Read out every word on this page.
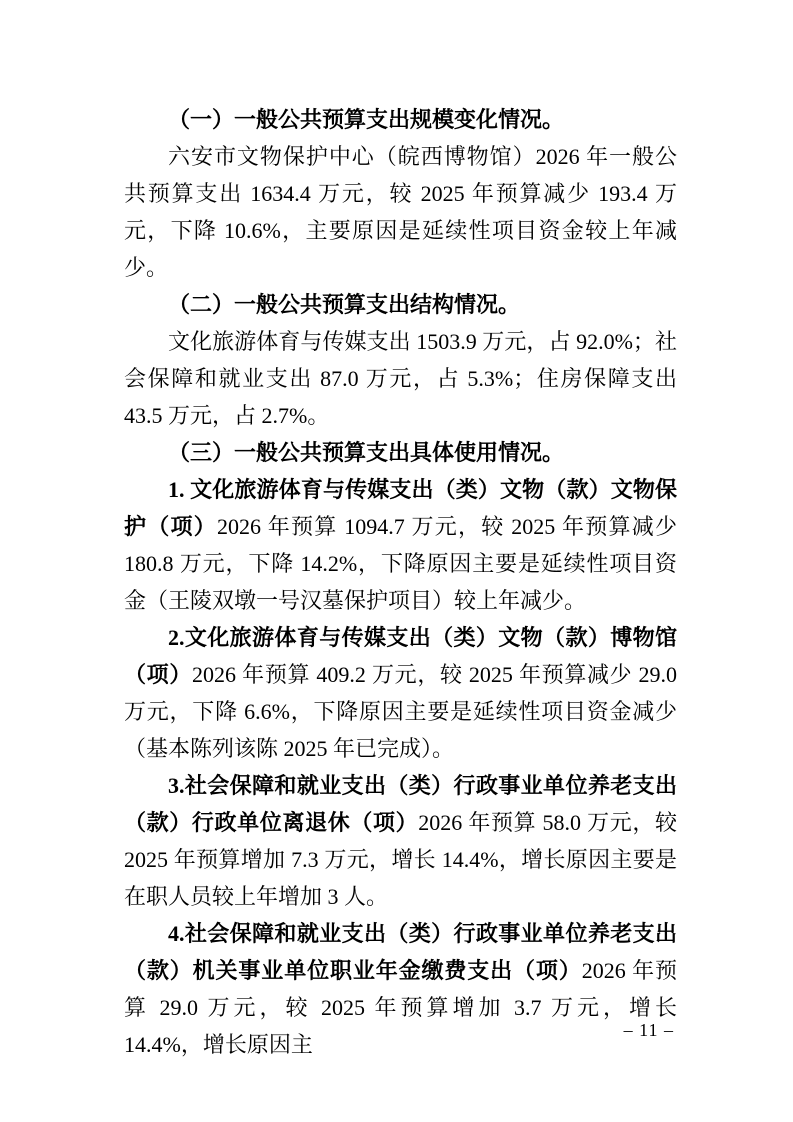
（一）一般公共预算支出规模变化情况。

六安市文物保护中心（皖西博物馆）2026 年一般公共预算支出 1634.4 万元，较 2025 年预算减少 193.4 万元，下降 10.6%，主要原因是延续性项目资金较上年减少。

（二）一般公共预算支出结构情况。

文化旅游体育与传媒支出 1503.9 万元，占 92.0%；社会保障和就业支出 87.0 万元，占 5.3%；住房保障支出 43.5 万元，占 2.7%。

（三）一般公共预算支出具体使用情况。

1. 文化旅游体育与传媒支出（类）文物（款）文物保护（项）2026 年预算 1094.7 万元，较 2025 年预算减少 180.8 万元，下降 14.2%，下降原因主要是延续性项目资金（王陵双墩一号汉墓保护项目）较上年减少。

2.文化旅游体育与传媒支出（类）文物（款）博物馆（项）2026 年预算 409.2 万元，较 2025 年预算减少 29.0 万元，下降 6.6%，下降原因主要是延续性项目资金减少（基本陈列该陈 2025 年已完成）。

3.社会保障和就业支出（类）行政事业单位养老支出（款）行政单位离退休（项）2026 年预算 58.0 万元，较 2025 年预算增加 7.3 万元，增长 14.4%，增长原因主要是在职人员较上年增加 3 人。

4.社会保障和就业支出（类）行政事业单位养老支出（款）机关事业单位职业年金缴费支出（项）2026 年预算 29.0 万元，较 2025 年预算增加 3.7 万元，增长 14.4%，增长原因主

– 11 –
